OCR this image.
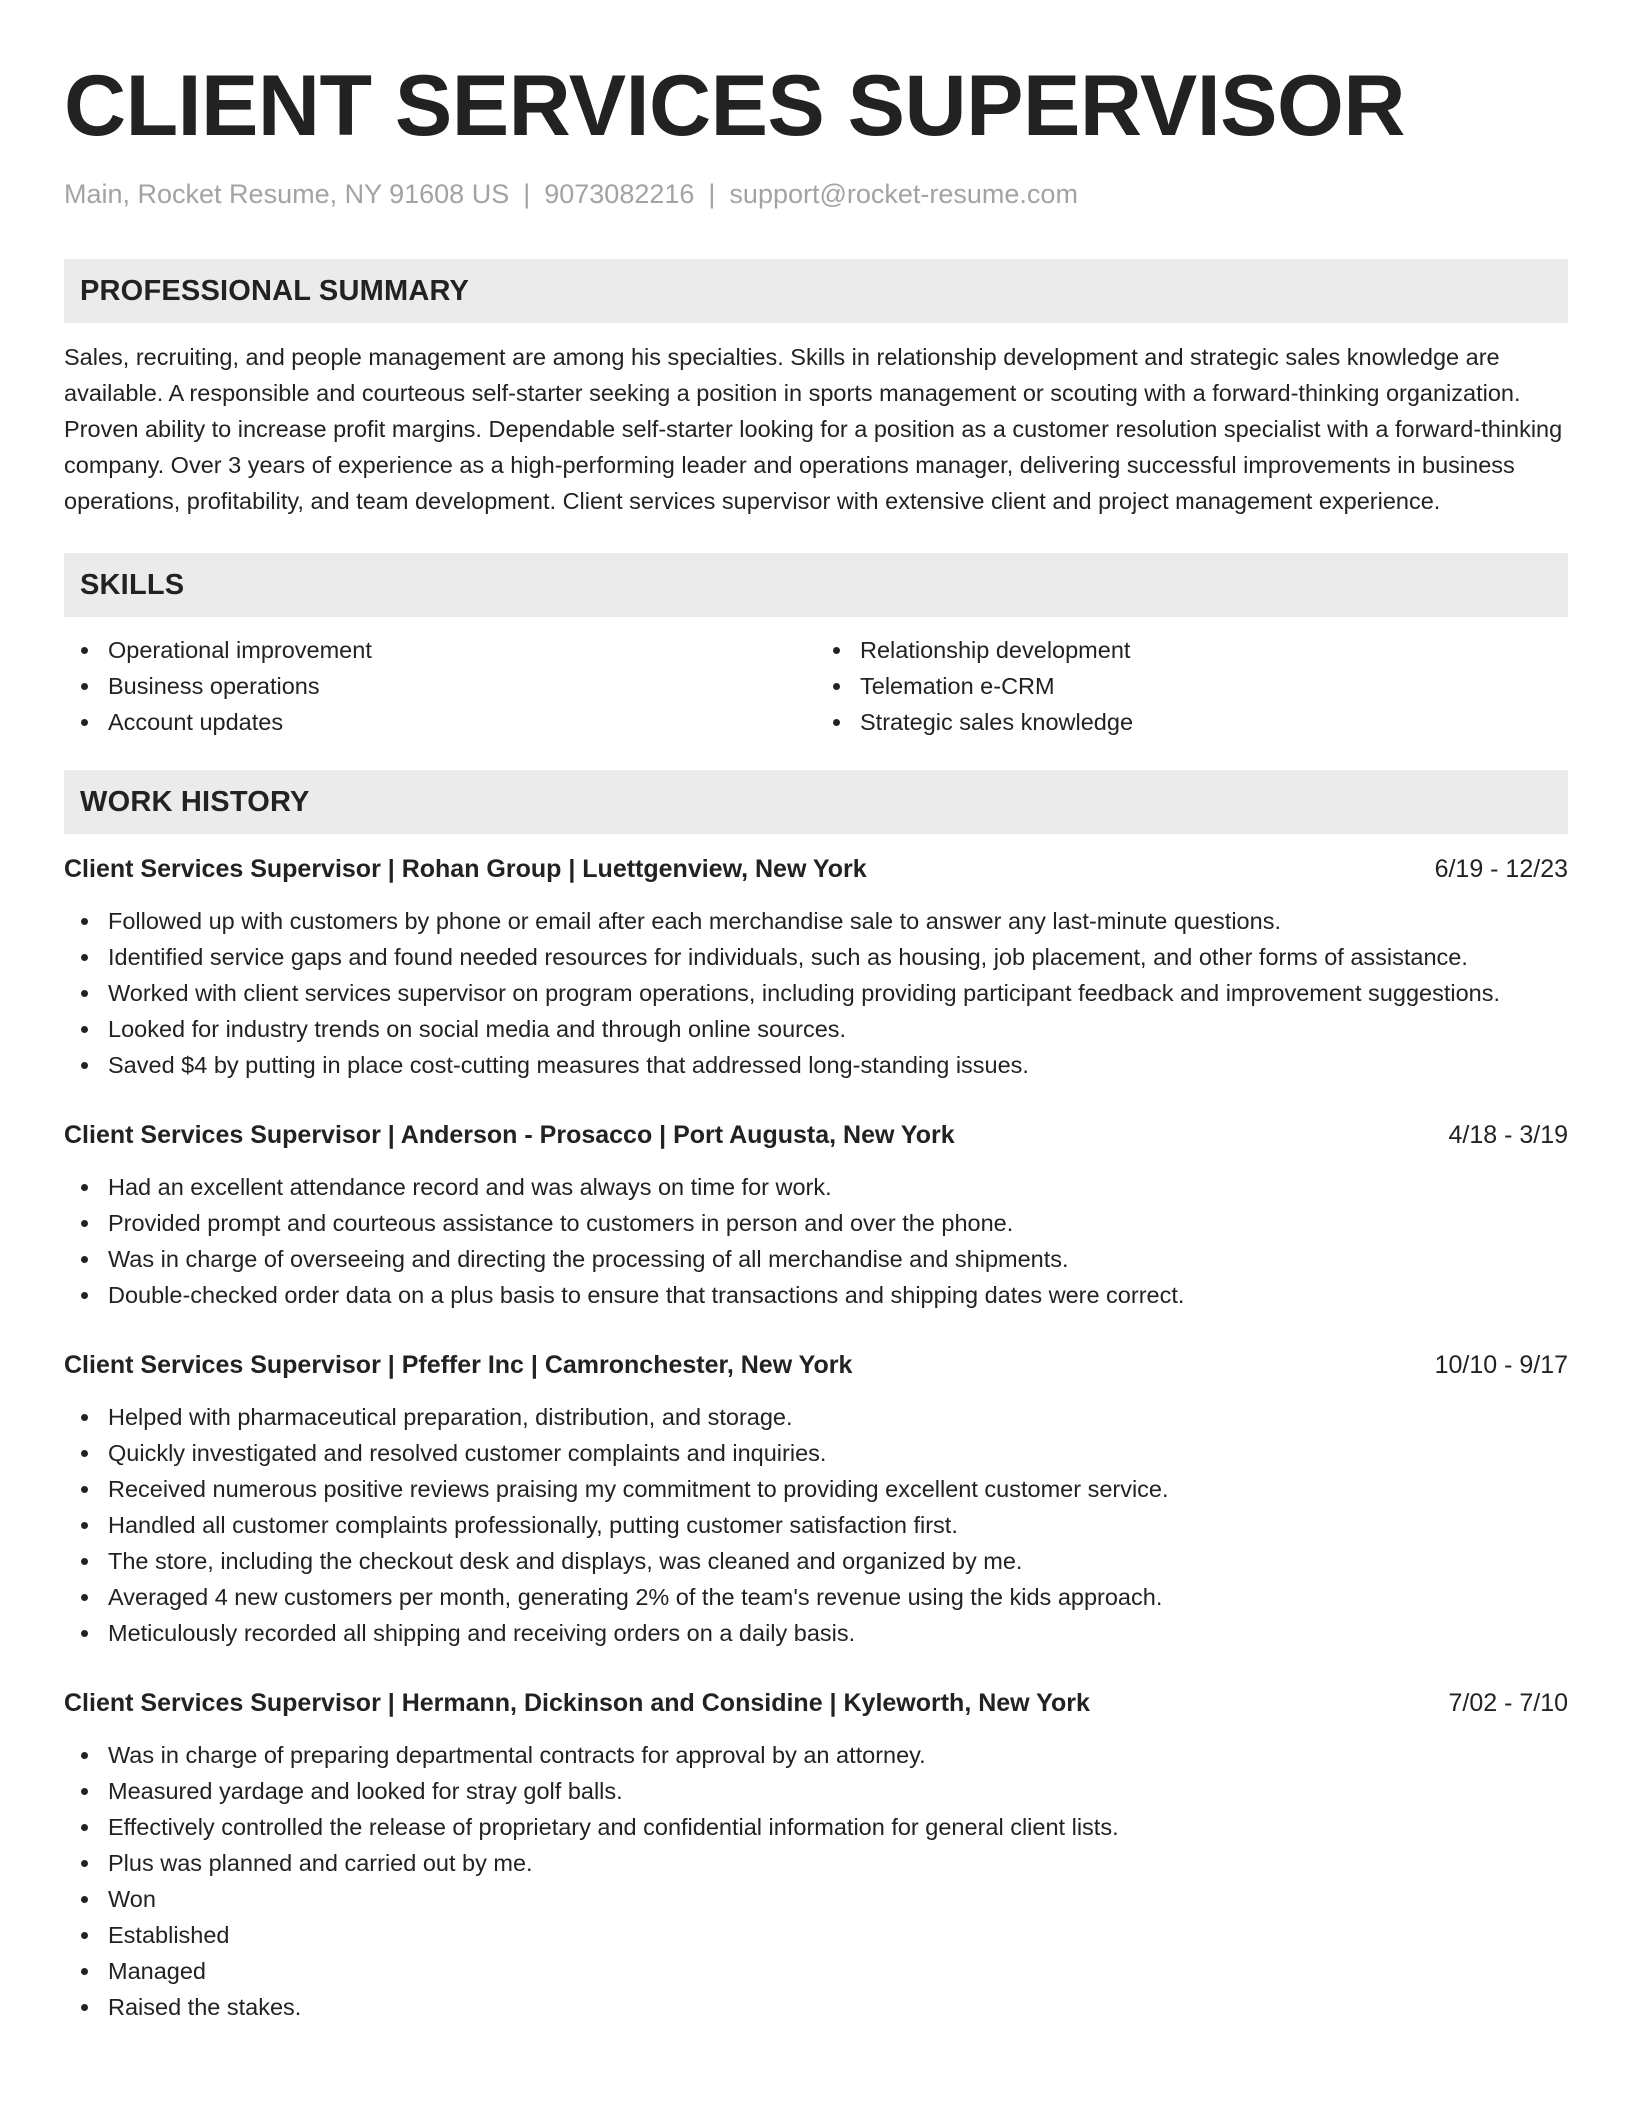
CLIENT SERVICES SUPERVISOR
Main, Rocket Resume, NY 91608 US | 9073082216 | support@rocket-resume.com
PROFESSIONAL SUMMARY

Sales, recruiting, and people management are among his specialties. Skills in relationship development and strategic sales knowledge are available. A responsible and courteous self-starter seeking a position in sports management or scouting with a forward-thinking organization. Proven ability to increase profit margins. Dependable self-starter looking for a position as a customer resolution specialist with a forward-thinking company. Over 3 years of experience as a high-performing leader and operations manager, delivering successful improvements in business operations, profitability, and team development. Client services supervisor with extensive client and project management experience.

SKILLS
Operational improvement
Business operations
Account updates
Relationship development
Telemation e-CRM
Strategic sales knowledge
WORK HISTORY
Client Services Supervisor | Rohan Group | Luettgenview, New York	6/19 - 12/23
Followed up with customers by phone or email after each merchandise sale to answer any last-minute questions.
Identified service gaps and found needed resources for individuals, such as housing, job placement, and other forms of assistance.
Worked with client services supervisor on program operations, including providing participant feedback and improvement suggestions.
Looked for industry trends on social media and through online sources.
Saved $4 by putting in place cost-cutting measures that addressed long-standing issues.
Client Services Supervisor | Anderson - Prosacco | Port Augusta, New York	4/18 - 3/19
Had an excellent attendance record and was always on time for work.
Provided prompt and courteous assistance to customers in person and over the phone.
Was in charge of overseeing and directing the processing of all merchandise and shipments.
Double-checked order data on a plus basis to ensure that transactions and shipping dates were correct.
Client Services Supervisor | Pfeffer Inc | Camronchester, New York	10/10 - 9/17
Helped with pharmaceutical preparation, distribution, and storage.
Quickly investigated and resolved customer complaints and inquiries.
Received numerous positive reviews praising my commitment to providing excellent customer service.
Handled all customer complaints professionally, putting customer satisfaction first.
The store, including the checkout desk and displays, was cleaned and organized by me.
Averaged 4 new customers per month, generating 2% of the team's revenue using the kids approach.
Meticulously recorded all shipping and receiving orders on a daily basis.
Client Services Supervisor | Hermann, Dickinson and Considine | Kyleworth, New York	7/02 - 7/10
Was in charge of preparing departmental contracts for approval by an attorney.
Measured yardage and looked for stray golf balls.
Effectively controlled the release of proprietary and confidential information for general client lists.
Plus was planned and carried out by me.
Won
Established
Managed
Raised the stakes.
